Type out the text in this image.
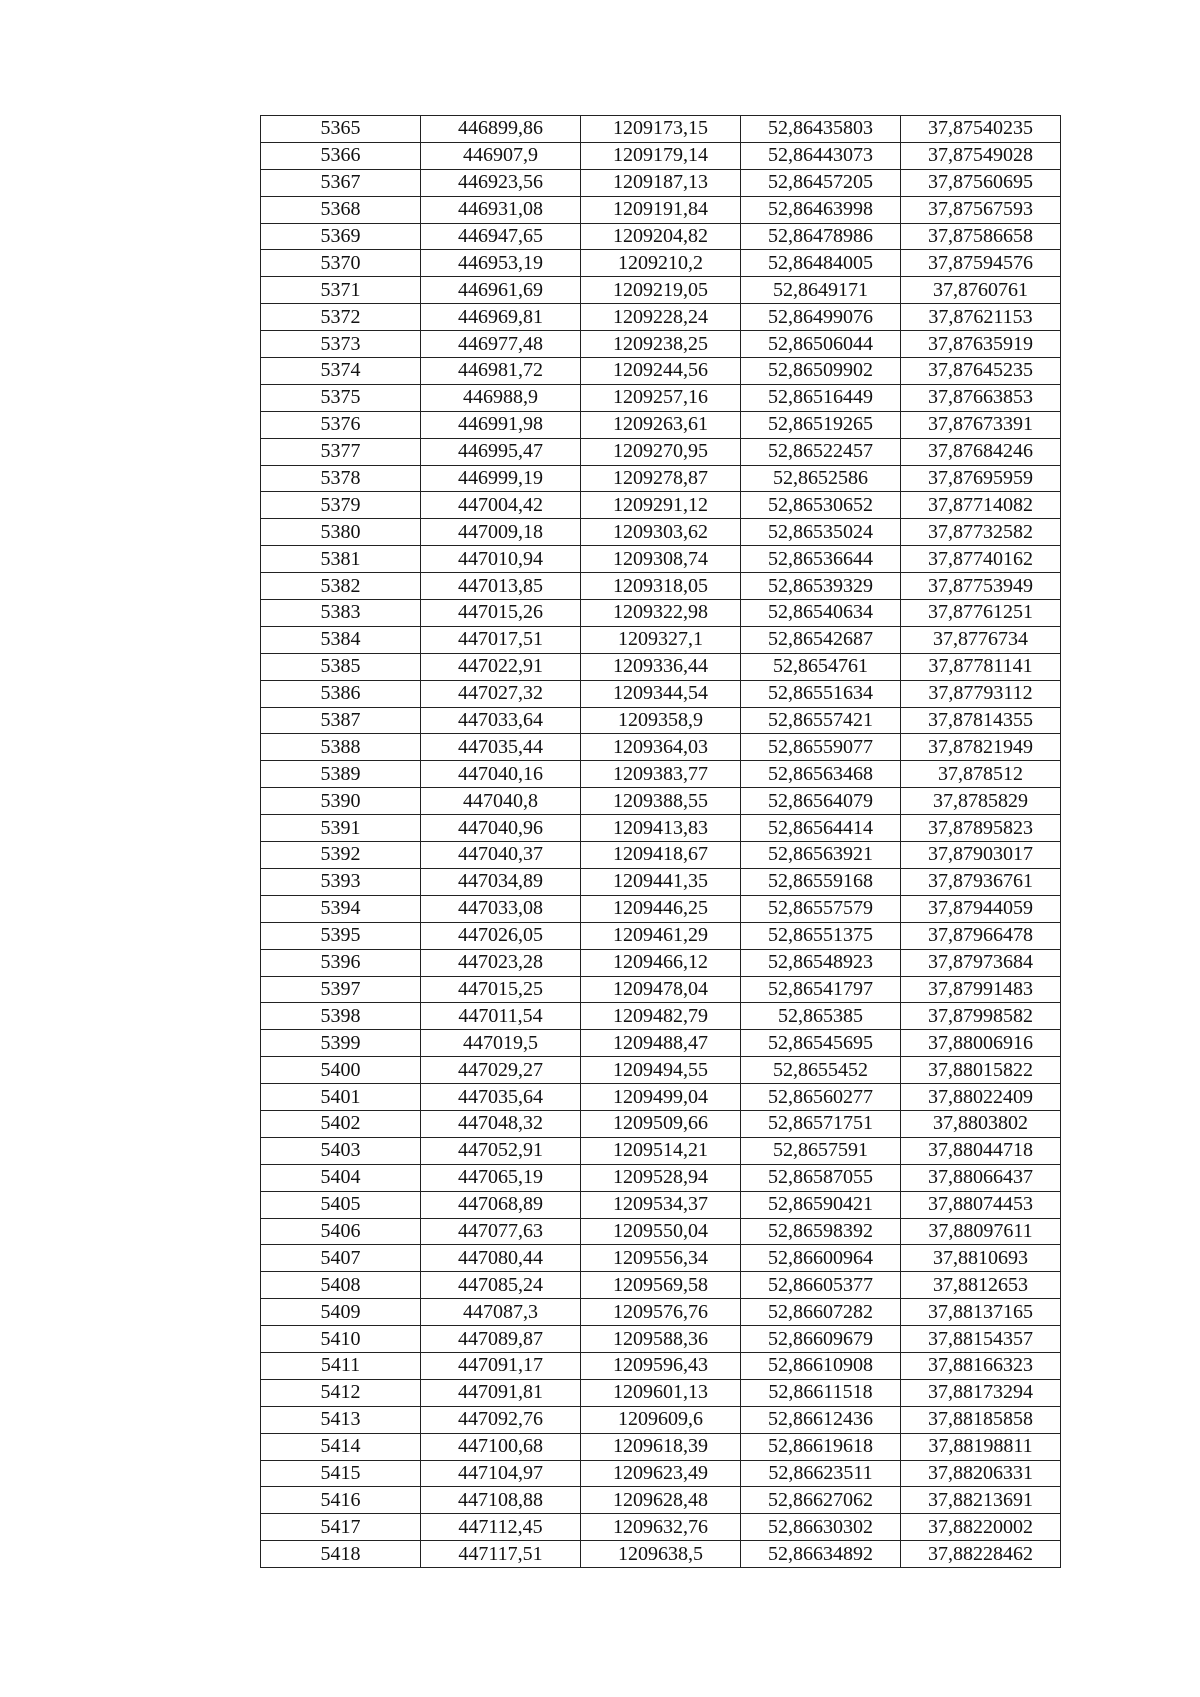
5365	446899,86	1209173,15	52,86435803	37,87540235
5366	446907,9	1209179,14	52,86443073	37,87549028
5367	446923,56	1209187,13	52,86457205	37,87560695
5368	446931,08	1209191,84	52,86463998	37,87567593
5369	446947,65	1209204,82	52,86478986	37,87586658
5370	446953,19	1209210,2	52,86484005	37,87594576
5371	446961,69	1209219,05	52,8649171	37,8760761
5372	446969,81	1209228,24	52,86499076	37,87621153
5373	446977,48	1209238,25	52,86506044	37,87635919
5374	446981,72	1209244,56	52,86509902	37,87645235
5375	446988,9	1209257,16	52,86516449	37,87663853
5376	446991,98	1209263,61	52,86519265	37,87673391
5377	446995,47	1209270,95	52,86522457	37,87684246
5378	446999,19	1209278,87	52,8652586	37,87695959
5379	447004,42	1209291,12	52,86530652	37,87714082
5380	447009,18	1209303,62	52,86535024	37,87732582
5381	447010,94	1209308,74	52,86536644	37,87740162
5382	447013,85	1209318,05	52,86539329	37,87753949
5383	447015,26	1209322,98	52,86540634	37,87761251
5384	447017,51	1209327,1	52,86542687	37,8776734
5385	447022,91	1209336,44	52,8654761	37,87781141
5386	447027,32	1209344,54	52,86551634	37,87793112
5387	447033,64	1209358,9	52,86557421	37,87814355
5388	447035,44	1209364,03	52,86559077	37,87821949
5389	447040,16	1209383,77	52,86563468	37,878512
5390	447040,8	1209388,55	52,86564079	37,8785829
5391	447040,96	1209413,83	52,86564414	37,87895823
5392	447040,37	1209418,67	52,86563921	37,87903017
5393	447034,89	1209441,35	52,86559168	37,87936761
5394	447033,08	1209446,25	52,86557579	37,87944059
5395	447026,05	1209461,29	52,86551375	37,87966478
5396	447023,28	1209466,12	52,86548923	37,87973684
5397	447015,25	1209478,04	52,86541797	37,87991483
5398	447011,54	1209482,79	52,865385	37,87998582
5399	447019,5	1209488,47	52,86545695	37,88006916
5400	447029,27	1209494,55	52,8655452	37,88015822
5401	447035,64	1209499,04	52,86560277	37,88022409
5402	447048,32	1209509,66	52,86571751	37,8803802
5403	447052,91	1209514,21	52,8657591	37,88044718
5404	447065,19	1209528,94	52,86587055	37,88066437
5405	447068,89	1209534,37	52,86590421	37,88074453
5406	447077,63	1209550,04	52,86598392	37,88097611
5407	447080,44	1209556,34	52,86600964	37,8810693
5408	447085,24	1209569,58	52,86605377	37,8812653
5409	447087,3	1209576,76	52,86607282	37,88137165
5410	447089,87	1209588,36	52,86609679	37,88154357
5411	447091,17	1209596,43	52,86610908	37,88166323
5412	447091,81	1209601,13	52,86611518	37,88173294
5413	447092,76	1209609,6	52,86612436	37,88185858
5414	447100,68	1209618,39	52,86619618	37,88198811
5415	447104,97	1209623,49	52,86623511	37,88206331
5416	447108,88	1209628,48	52,86627062	37,88213691
5417	447112,45	1209632,76	52,86630302	37,88220002
5418	447117,51	1209638,5	52,86634892	37,88228462
